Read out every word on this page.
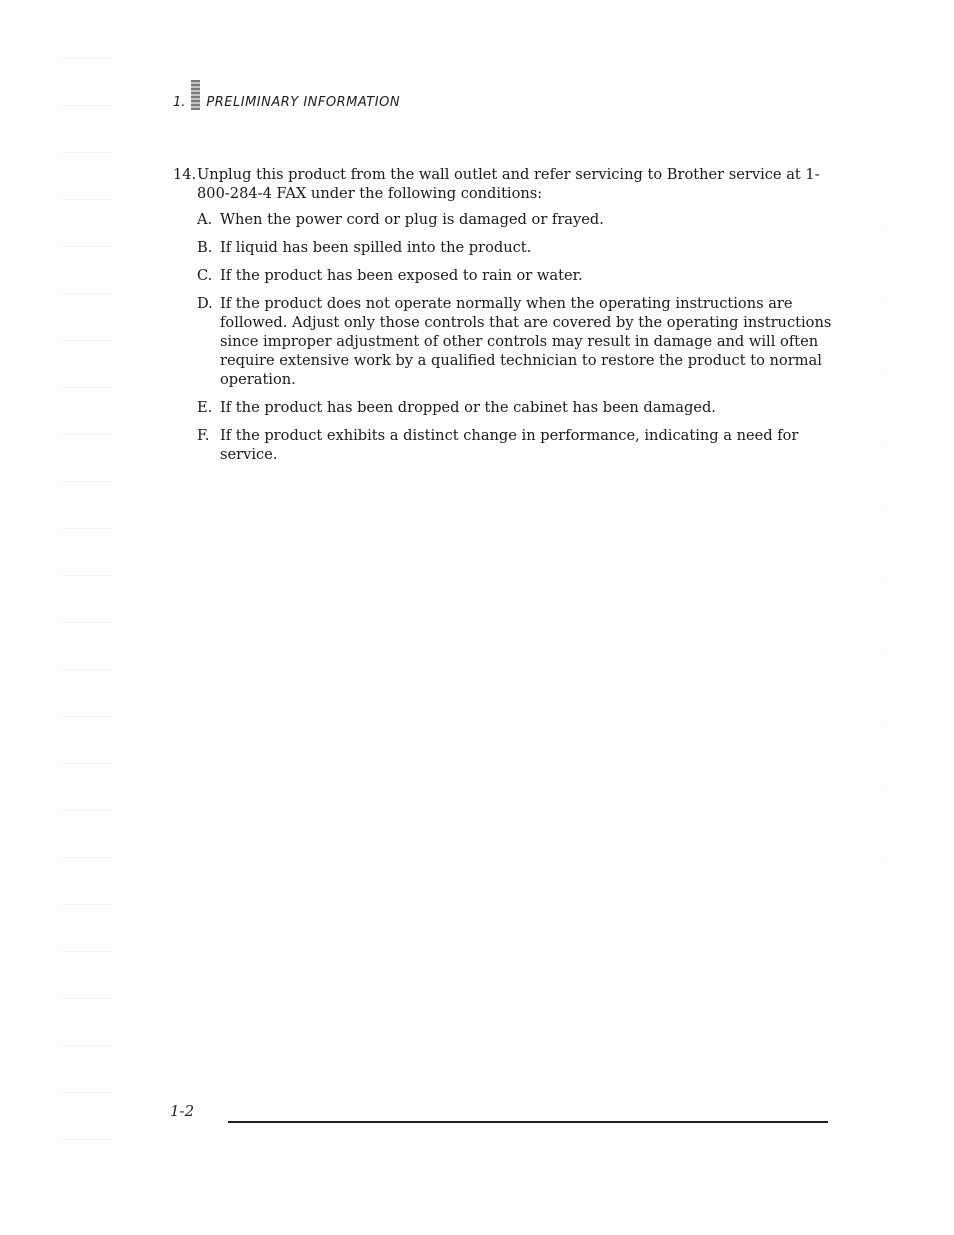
1. PRELIMINARY INFORMATION
14. Unplug this product from the wall outlet and refer servicing to Brother service at 1-800-284-4 FAX under the following conditions:
A. When the power cord or plug is damaged or frayed.
B. If liquid has been spilled into the product.
C. If the product has been exposed to rain or water.
D. If the product does not operate normally when the operating instructions are followed. Adjust only those controls that are covered by the operating instructions since improper adjustment of other controls may result in damage and will often require extensive work by a qualified technician to restore the product to normal operation.
E. If the product has been dropped or the cabinet has been damaged.
F. If the product exhibits a distinct change in performance, indicating a need for service.
1-2
